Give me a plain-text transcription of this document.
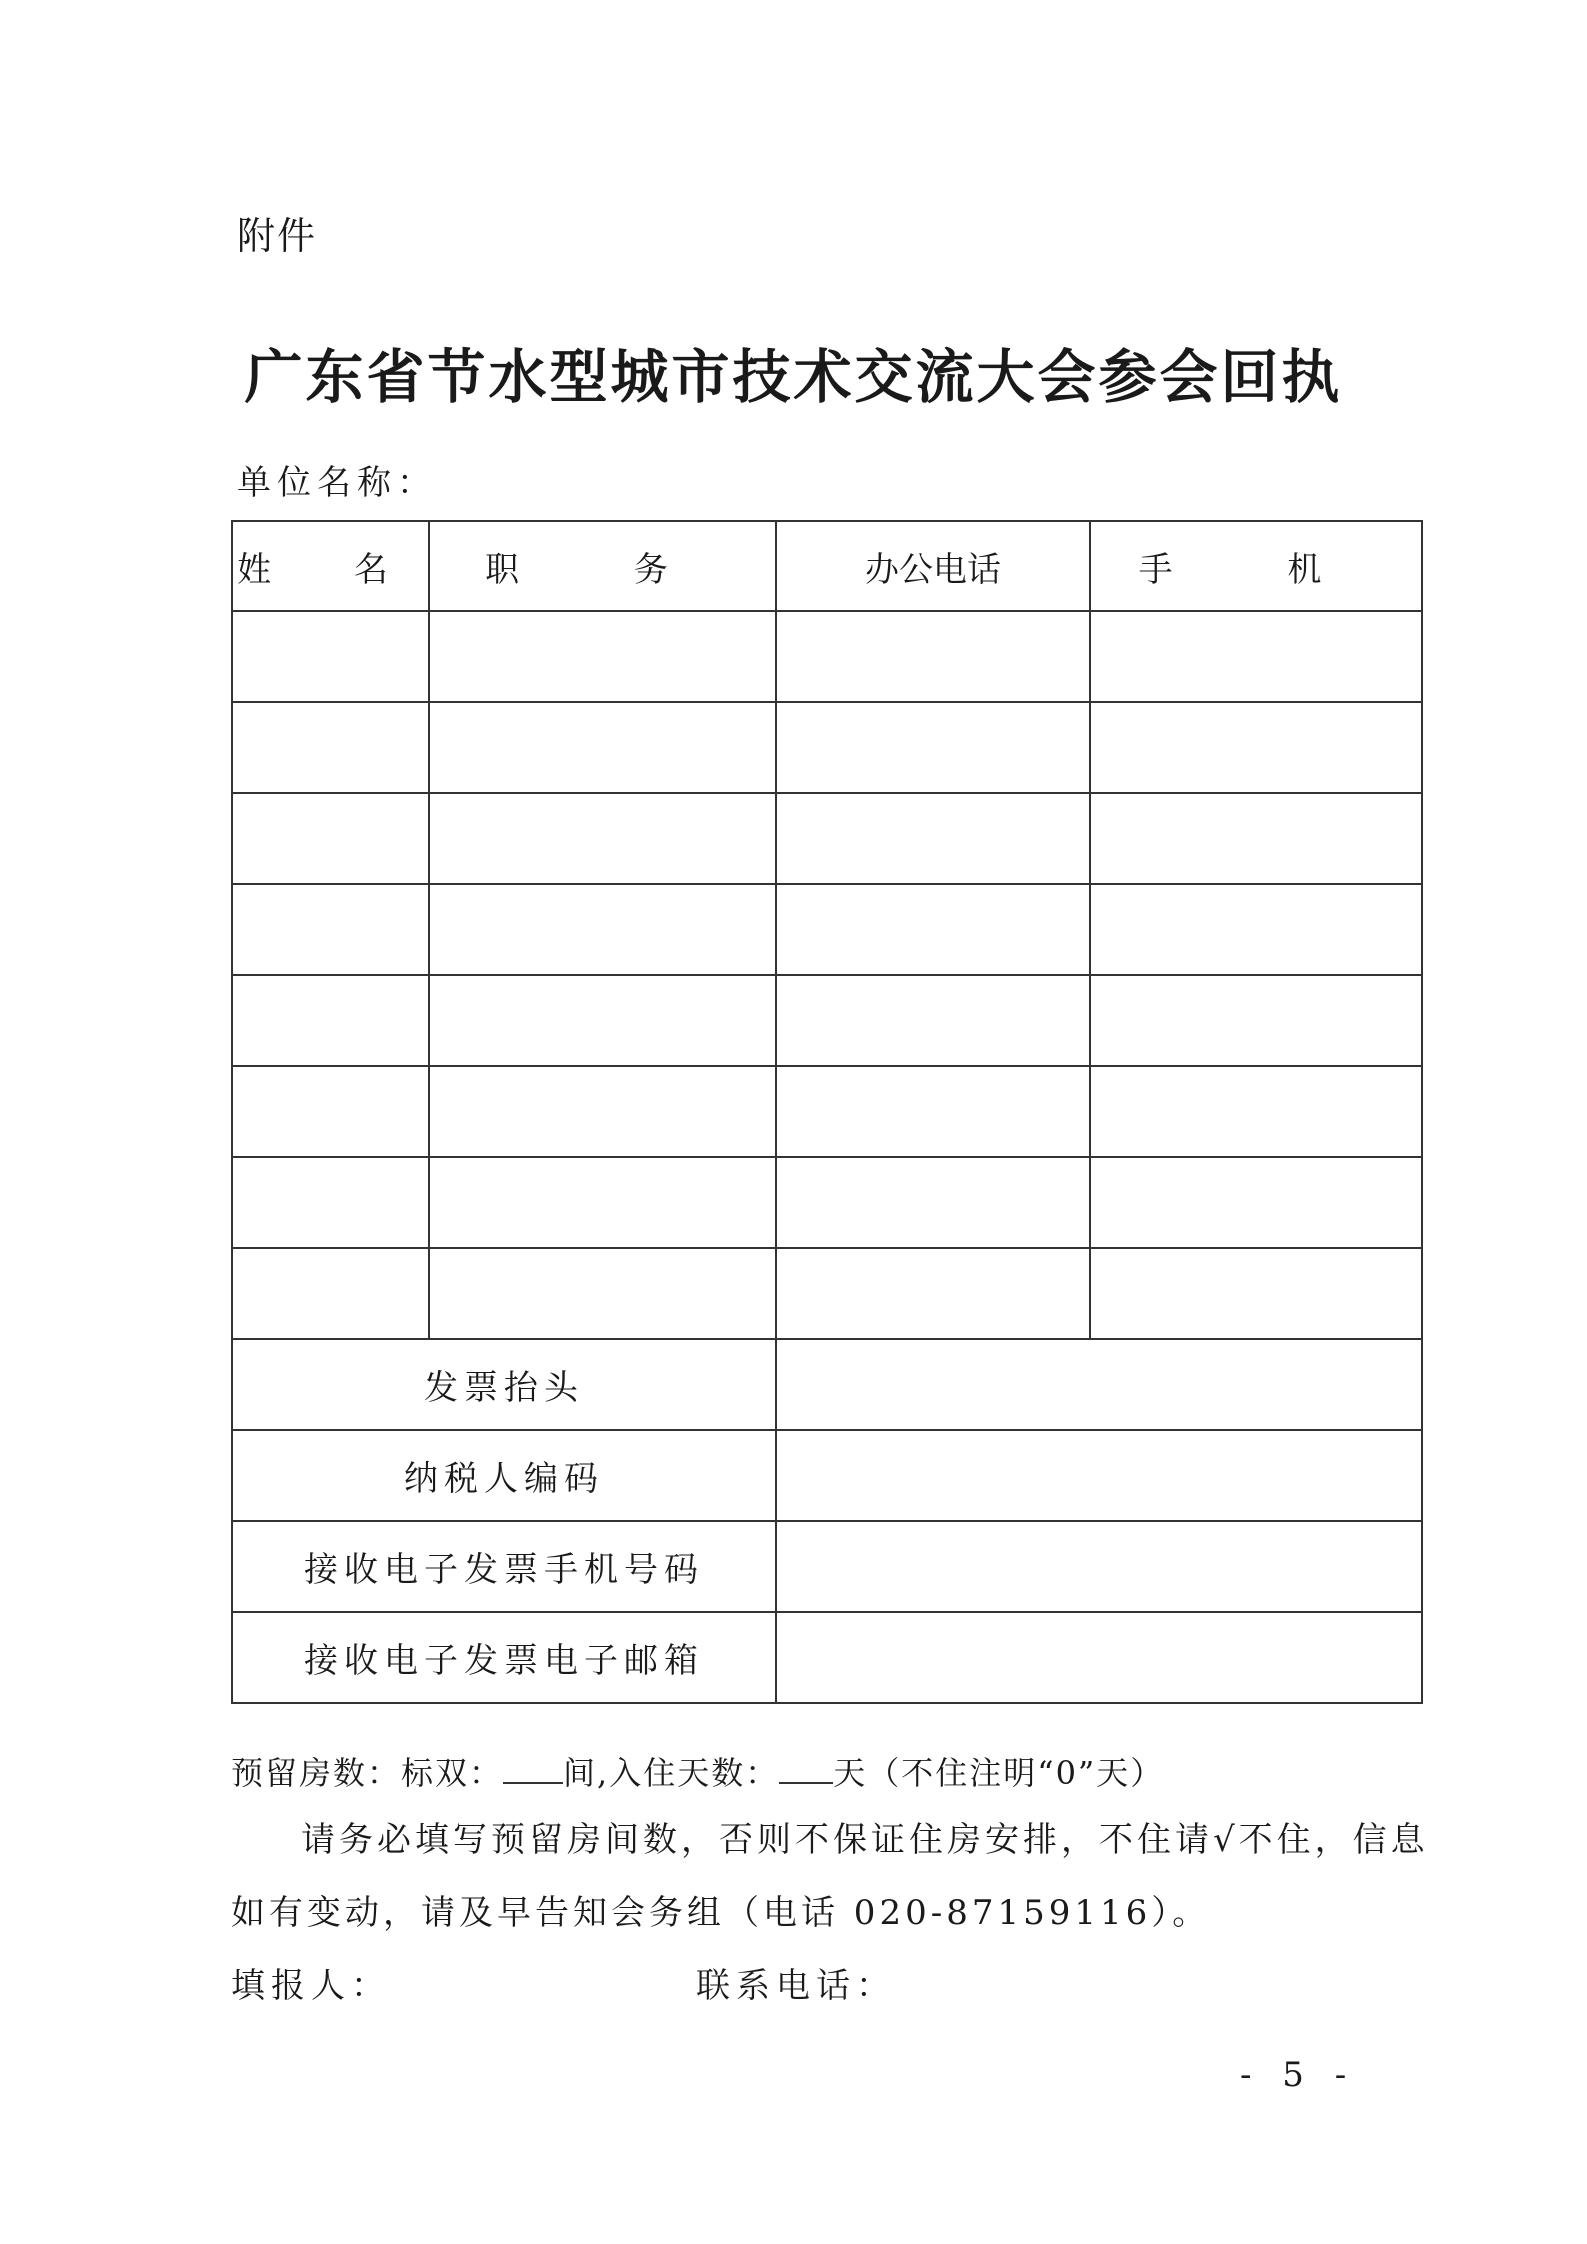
附件
广东省节水型城市技术交流大会参会回执
单位名称：
姓 名	职 务	办公电话	手 机

发票抬头			
纳税人编码			
接收电子发票手机号码			
接收电子发票电子邮箱			
预留房数：标双： 间,入住天数： 天（不住注明“0”天）
请务必填写预留房间数，否则不保证住房安排，不住请√不住，信息
如有变动，请及早告知会务组（电话 020-87159116）。
填报人：	联系电话：
- 5 -
